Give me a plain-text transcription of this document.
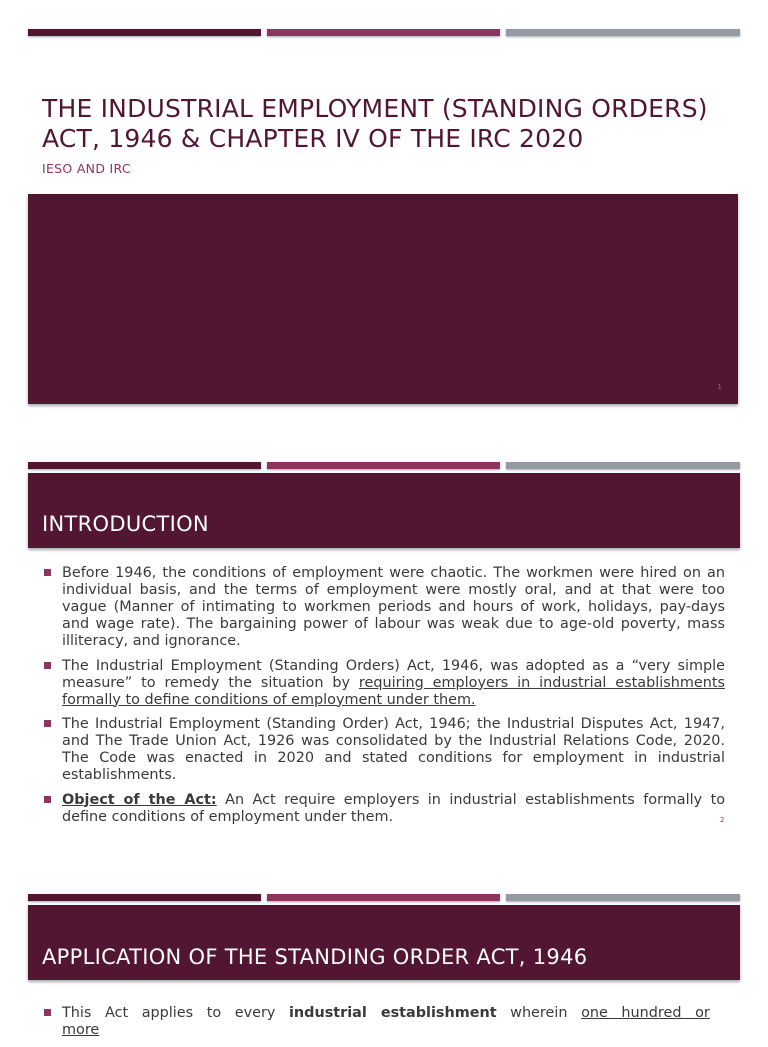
THE INDUSTRIAL EMPLOYMENT (STANDING ORDERS) ACT, 1946 & CHAPTER IV OF THE IRC 2020
IESO AND IRC
1
INTRODUCTION
Before 1946, the conditions of employment were chaotic. The workmen were hired on an individual basis, and the terms of employment were mostly oral, and at that were too vague (Manner of intimating to workmen periods and hours of work, holidays, pay-days and wage rate). The bargaining power of labour was weak due to age-old poverty, mass illiteracy, and ignorance.
The Industrial Employment (Standing Orders) Act, 1946, was adopted as a “very simple measure” to remedy the situation by requiring employers in industrial establishments formally to define conditions of employment under them.
The Industrial Employment (Standing Order) Act, 1946; the Industrial Disputes Act, 1947, and The Trade Union Act, 1926 was consolidated by the Industrial Relations Code, 2020. The Code was enacted in 2020 and stated conditions for employment in industrial establishments.
Object of the Act: An Act require employers in industrial establishments formally to define conditions of employment under them.	2
APPLICATION OF THE STANDING ORDER ACT, 1946
This Act applies to every industrial establishment wherein one hundred or more
